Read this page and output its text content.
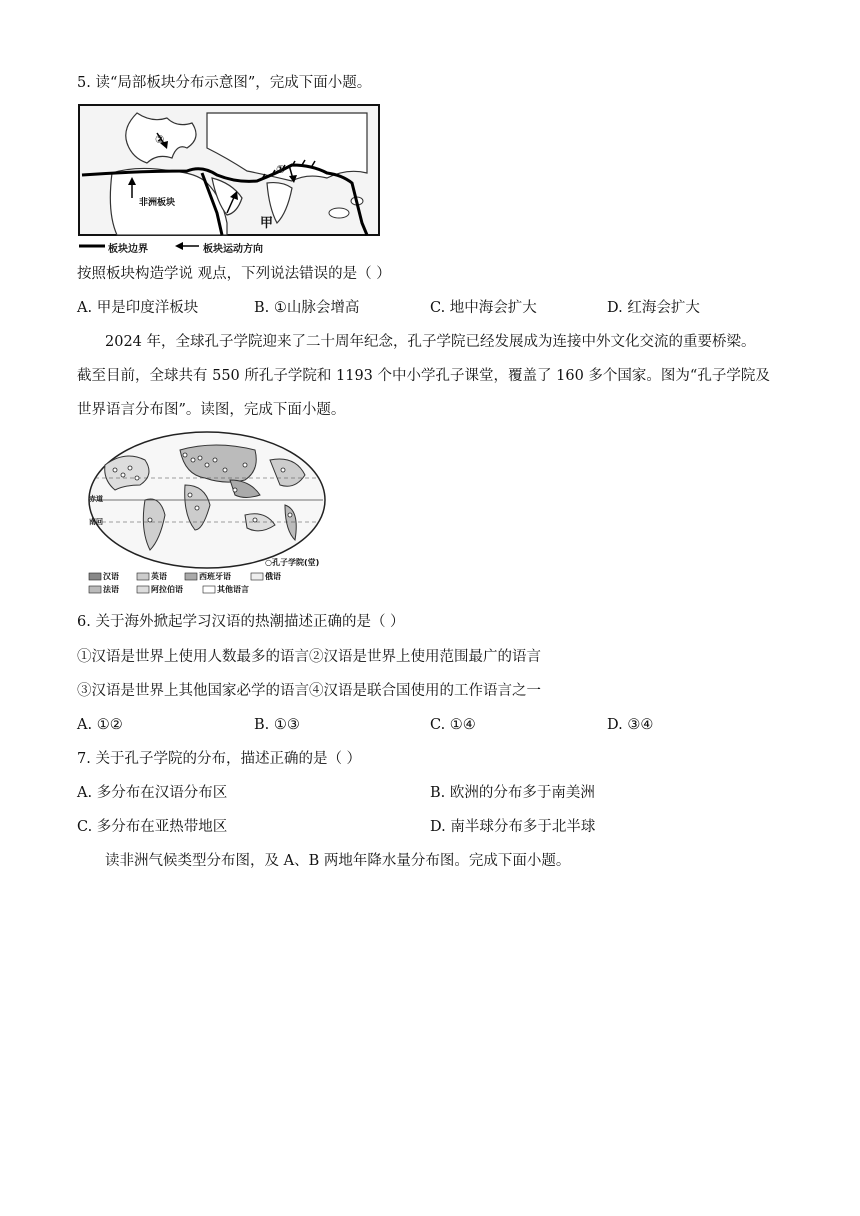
5. 读“局部板块分布示意图”，完成下面小题。
非洲板块
甲
①
②
板块边界	板块运动方向
按照板块构造学说 观点，下列说法错误的是（ ）
A. 甲是印度洋板块	B. ①山脉会增高	C. 地中海会扩大	D. 红海会扩大
2024 年，全球孔子学院迎来了二十周年纪念，孔子学院已经发展成为连接中外文化交流的重要桥梁。
截至目前，全球共有 550 所孔子学院和 1193 个中小学孔子课堂，覆盖了 160 多个国家。图为“孔子学院及
世界语言分布图”。读图，完成下面小题。
赤道
南回
○孔子学院(堂)
汉语	英语	西班牙语	俄语
法语	阿拉伯语	其他语言
6. 关于海外掀起学习汉语的热潮描述正确的是（ ）
①汉语是世界上使用人数最多的语言②汉语是世界上使用范围最广的语言
③汉语是世界上其他国家必学的语言④汉语是联合国使用的工作语言之一
A. ①②	B. ①③	C. ①④	D. ③④
7. 关于孔子学院的分布，描述正确的是（ ）
A. 多分布在汉语分布区	B. 欧洲的分布多于南美洲
C. 多分布在亚热带地区	D. 南半球分布多于北半球
读非洲气候类型分布图，及 A、B 两地年降水量分布图。完成下面小题。
